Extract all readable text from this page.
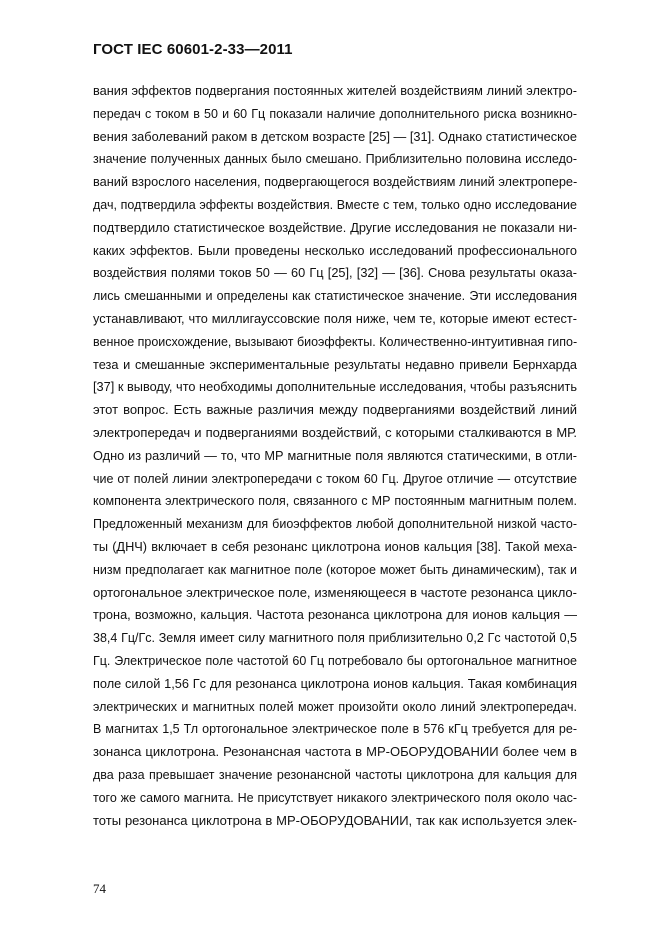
ГОСТ IEC 60601-2-33—2011
вания эффектов подвергания постоянных жителей воздействиям линий электро-
передач с током в 50 и 60 Гц показали наличие дополнительного риска возникно-
вения заболеваний раком в детском возрасте [25] — [31]. Однако статистическое
значение полученных данных было смешано. Приблизительно половина исследо-
ваний взрослого населения, подвергающегося воздействиям линий электропере-
дач, подтвердила эффекты воздействия. Вместе с тем, только одно исследование
подтвердило статистическое воздействие. Другие исследования не показали ни-
каких эффектов. Были проведены несколько исследований профессионального
воздействия полями токов 50 — 60 Гц [25], [32] — [36]. Снова результаты оказа-
лись смешанными и определены как статистическое значение. Эти исследования
устанавливают, что миллигауссовские поля ниже, чем те, которые имеют естест-
венное происхождение, вызывают биоэффекты. Количественно-интуитивная гипо-
теза и смешанные экспериментальные результаты недавно привели Бернхарда
[37] к выводу, что необходимы дополнительные исследования, чтобы разъяснить
этот вопрос. Есть важные различия между подверганиями воздействий линий
электропередач и подверганиями воздействий, с которыми сталкиваются в МР.
Одно из различий — то, что МР магнитные поля являются статическими, в отли-
чие от полей линии электропередачи с током 60 Гц. Другое отличие — отсутствие
компонента электрического поля, связанного с МР постоянным магнитным полем.
Предложенный механизм для биоэффектов любой дополнительной низкой часто-
ты (ДНЧ) включает в себя резонанс циклотрона ионов кальция [38]. Такой меха-
низм предполагает как магнитное поле (которое может быть динамическим), так и
ортогональное электрическое поле, изменяющееся в частоте резонанса цикло-
трона, возможно, кальция. Частота резонанса циклотрона для ионов кальция —
38,4 Гц/Гс. Земля имеет силу магнитного поля приблизительно 0,2 Гс частотой 0,5
Гц. Электрическое поле частотой 60 Гц потребовало бы ортогональное магнитное
поле силой 1,56 Гс для резонанса циклотрона ионов кальция. Такая комбинация
электрических и магнитных полей может произойти около линий электропередач.
В магнитах 1,5 Тл ортогональное электрическое поле в 576 кГц требуется для ре-
зонанса циклотрона. Резонансная частота в МР-ОБОРУДОВАНИИ более чем в
два раза превышает значение резонансной частоты циклотрона для кальция для
того же самого магнита. Не присутствует никакого электрического поля около час-
тоты резонанса циклотрона в МР-ОБОРУДОВАНИИ, так как используется элек-
74
